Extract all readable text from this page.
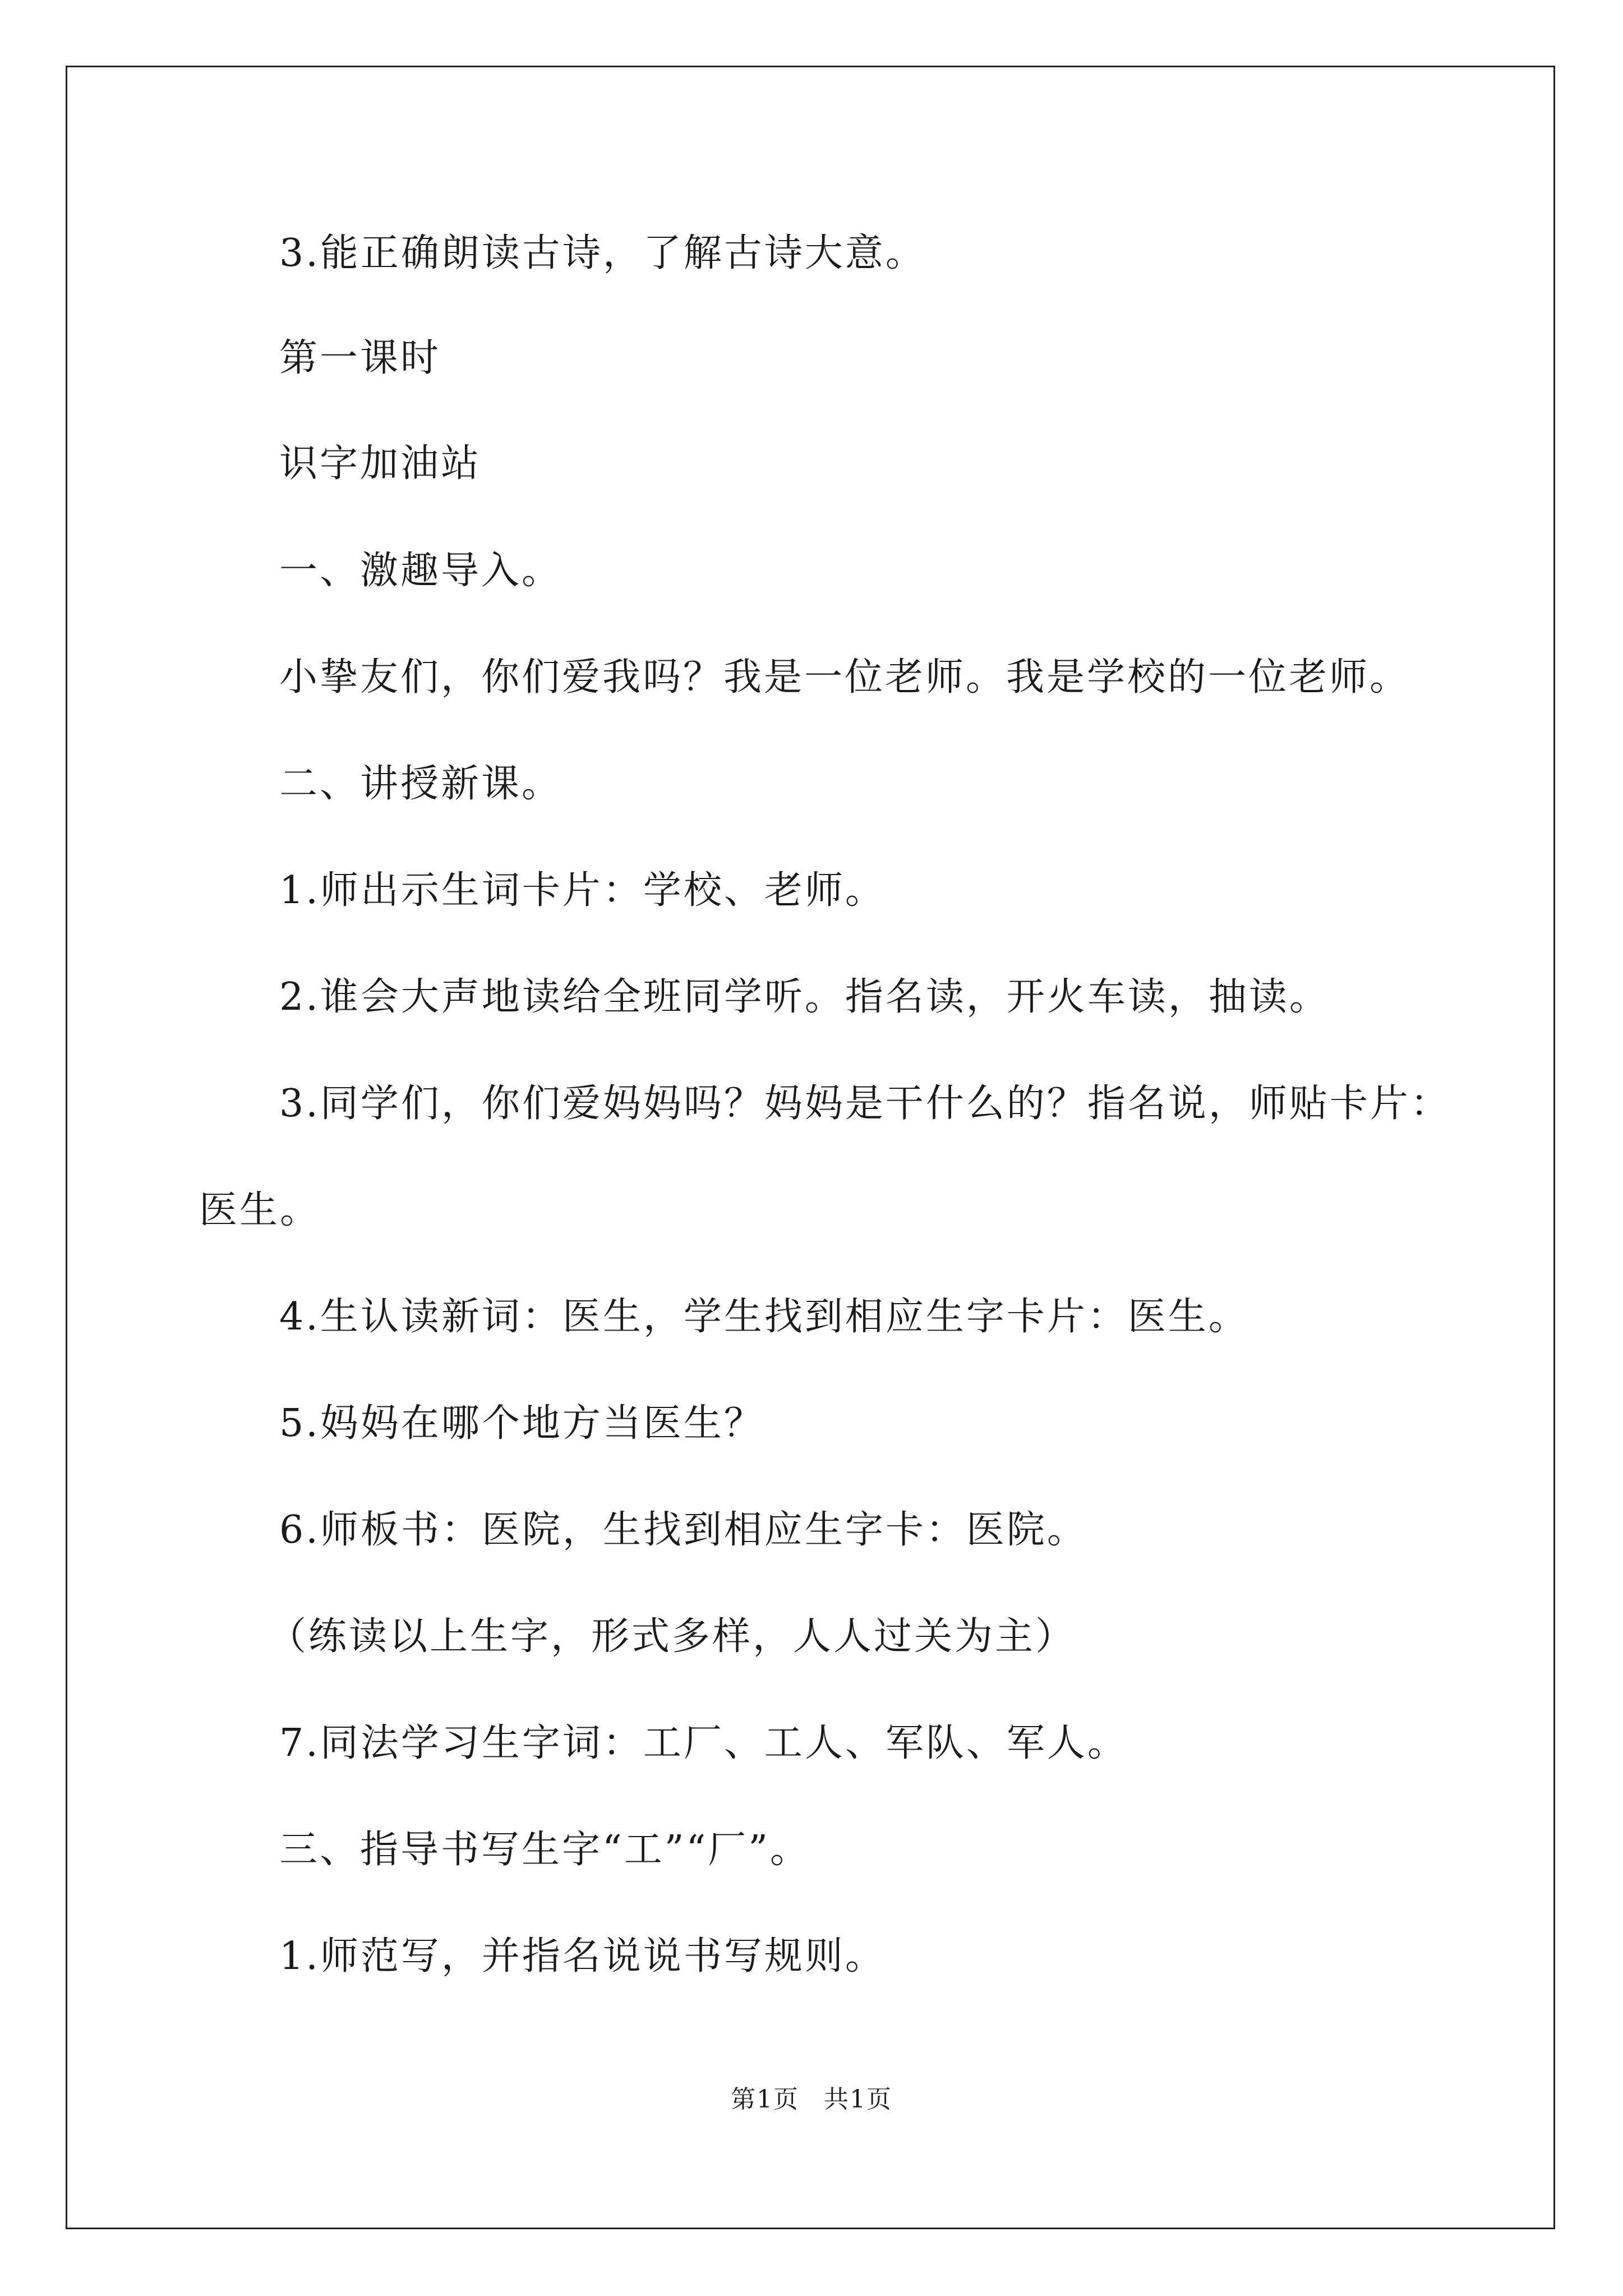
3.能正确朗读古诗，了解古诗大意。

第一课时

识字加油站

一、激趣导入。

小挚友们，你们爱我吗？我是一位老师。我是学校的一位老师。

二、讲授新课。

1.师出示生词卡片：学校、老师。

2.谁会大声地读给全班同学听。指名读，开火车读，抽读。

3.同学们，你们爱妈妈吗？妈妈是干什么的？指名说，师贴卡片：

医生。

4.生认读新词：医生，学生找到相应生字卡片：医生。

5.妈妈在哪个地方当医生？

6.师板书：医院，生找到相应生字卡：医院。

（练读以上生字，形式多样，人人过关为主）

7.同法学习生字词：工厂、工人、军队、军人。

三、指导书写生字“工”“厂”。

1.师范写，并指名说说书写规则。

第1页 共1页
